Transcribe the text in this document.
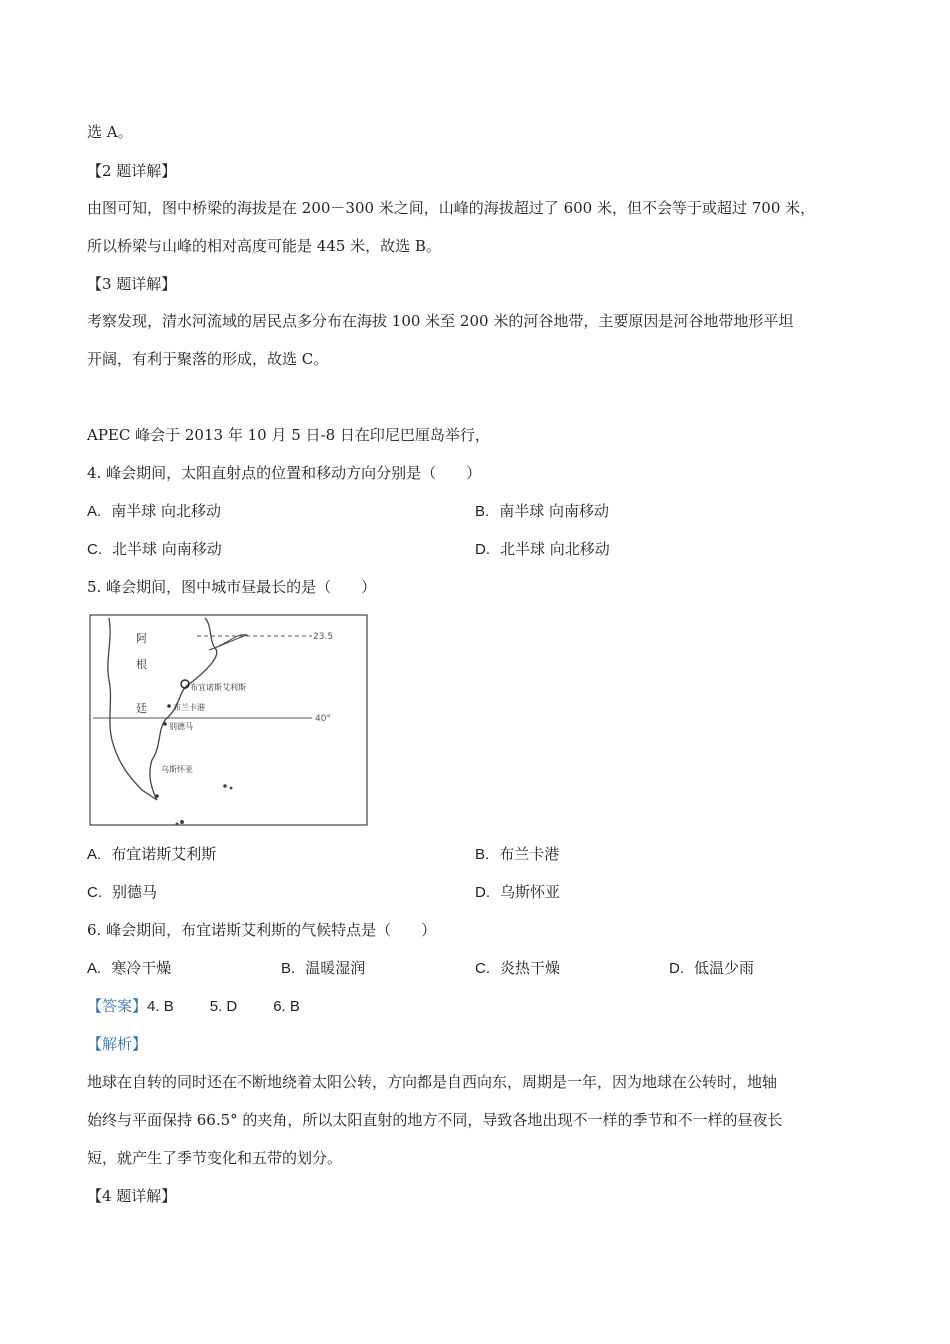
选 A。
【2 题详解】
由图可知，图中桥梁的海拔是在 200－300 米之间，山峰的海拔超过了 600 米，但不会等于或超过 700 米，
所以桥梁与山峰的相对高度可能是 445 米，故选 B。
【3 题详解】
考察发现，清水河流域的居民点多分布在海拔 100 米至 200 米的河谷地带，主要原因是河谷地带地形平坦
开阔，有利于聚落的形成，故选 C。
APEC 峰会于 2013 年 10 月 5 日-8 日在印尼巴厘岛举行，
4. 峰会期间，太阳直射点的位置和移动方向分别是（　　）
A. 南半球 向北移动	B. 南半球 向南移动
C. 北半球 向南移动	D. 北半球 向北移动
5. 峰会期间，图中城市昼最长的是（　　）
阿
根
廷
布宜诺斯艾利斯
布兰卡港
别德马
乌斯怀亚
23.5
40°
A. 布宜诺斯艾利斯	B. 布兰卡港
C. 别德马	D. 乌斯怀亚
6. 峰会期间，布宜诺斯艾利斯的气候特点是（　　）
A. 寒冷干燥	B. 温暖湿润	C. 炎热干燥	D. 低温少雨
【答案】4. B 5. D 6. B
【解析】
地球在自转的同时还在不断地绕着太阳公转，方向都是自西向东，周期是一年，因为地球在公转时，地轴
始终与平面保持 66.5° 的夹角，所以太阳直射的地方不同，导致各地出现不一样的季节和不一样的昼夜长
短，就产生了季节变化和五带的划分。
【4 题详解】
